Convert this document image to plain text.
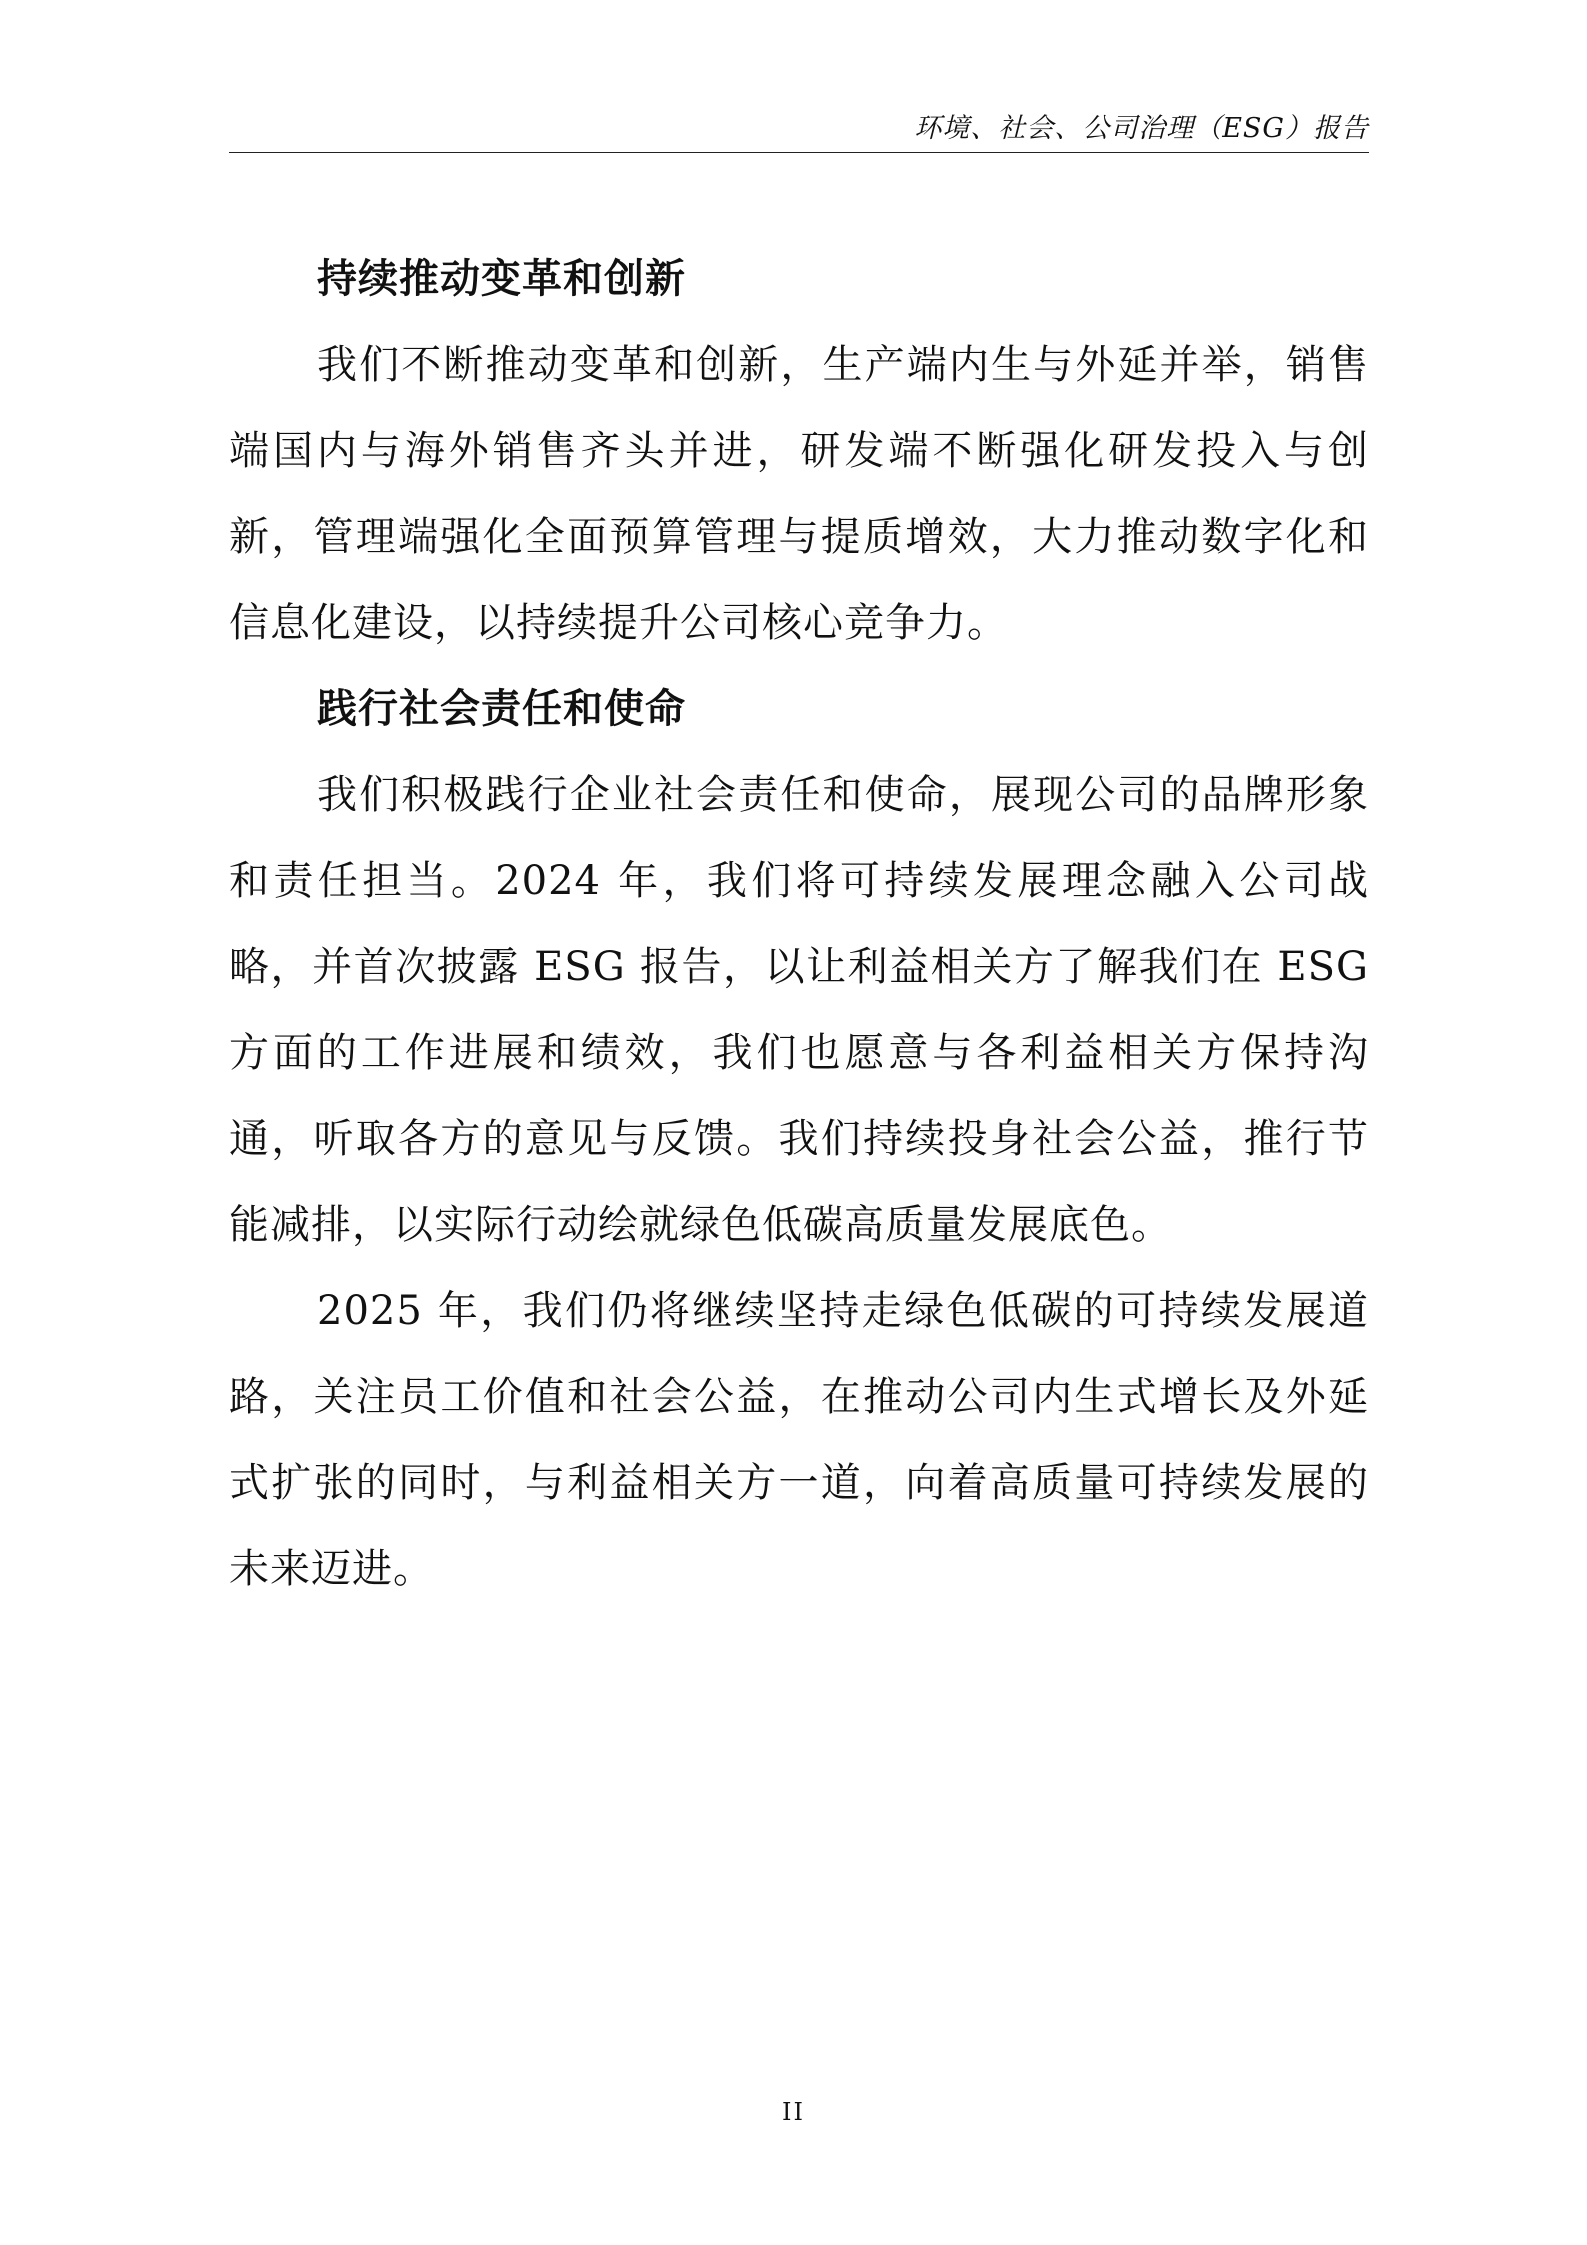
环境、社会、公司治理（ESG）报告
持续推动变革和创新

我们不断推动变革和创新，生产端内生与外延并举，销售端国内与海外销售齐头并进，研发端不断强化研发投入与创新，管理端强化全面预算管理与提质增效，大力推动数字化和信息化建设，以持续提升公司核心竞争力。

践行社会责任和使命

我们积极践行企业社会责任和使命，展现公司的品牌形象和责任担当。2024 年，我们将可持续发展理念融入公司战略，并首次披露 ESG 报告，以让利益相关方了解我们在 ESG 方面的工作进展和绩效，我们也愿意与各利益相关方保持沟通，听取各方的意见与反馈。我们持续投身社会公益，推行节能减排，以实际行动绘就绿色低碳高质量发展底色。

2025 年，我们仍将继续坚持走绿色低碳的可持续发展道路，关注员工价值和社会公益，在推动公司内生式增长及外延式扩张的同时，与利益相关方一道，向着高质量可持续发展的未来迈进。

II
